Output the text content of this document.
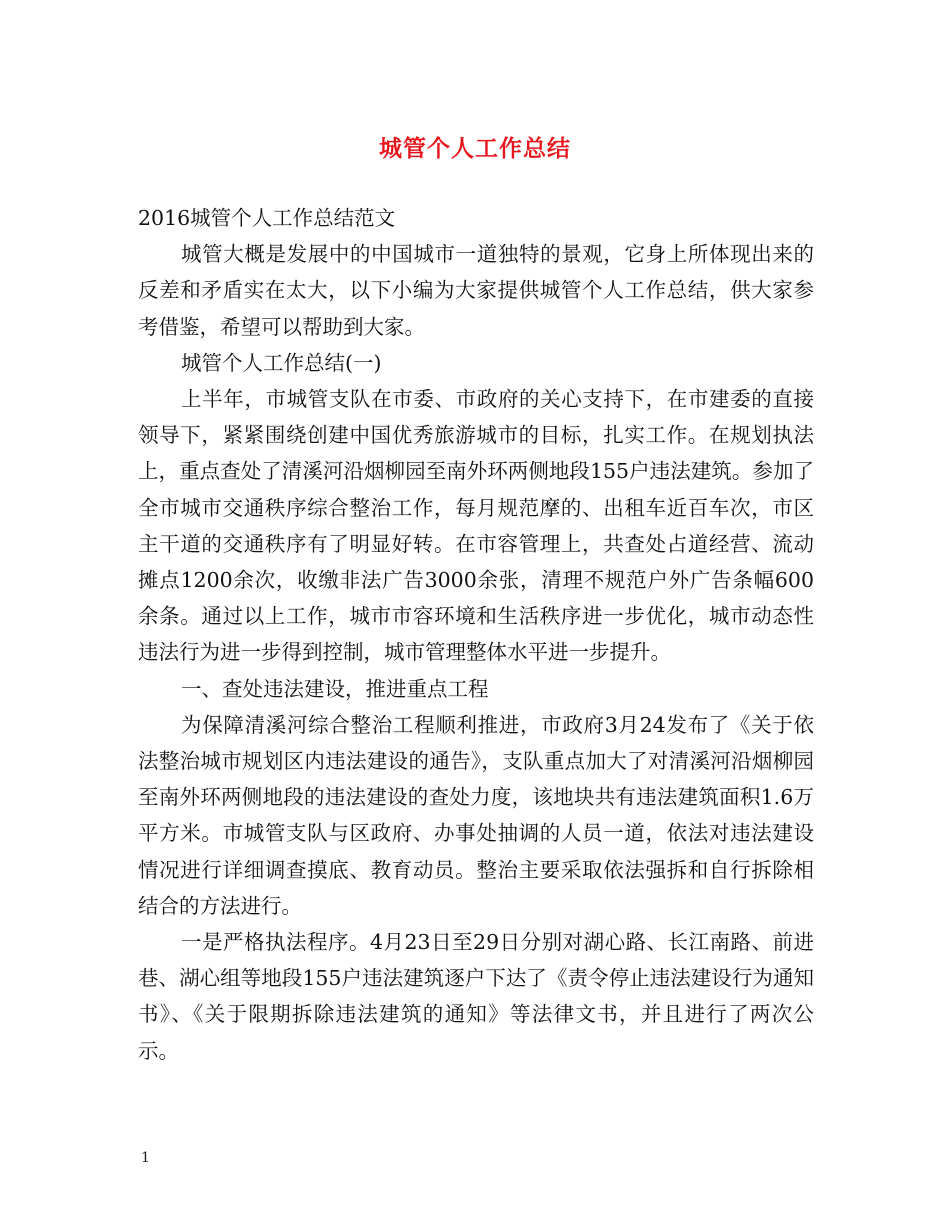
城管个人工作总结

2016城管个人工作总结范文

城管大概是发展中的中国城市一道独特的景观，它身上所体现出来的反差和矛盾实在太大，以下小编为大家提供城管个人工作总结，供大家参考借鉴，希望可以帮助到大家。

城管个人工作总结(一)

上半年，市城管支队在市委、市政府的关心支持下，在市建委的直接领导下，紧紧围绕创建中国优秀旅游城市的目标，扎实工作。在规划执法上，重点查处了清溪河沿烟柳园至南外环两侧地段155户违法建筑。参加了全市城市交通秩序综合整治工作，每月规范摩的、出租车近百车次，市区主干道的交通秩序有了明显好转。在市容管理上，共查处占道经营、流动摊点1200余次，收缴非法广告3000余张，清理不规范户外广告条幅600余条。通过以上工作，城市市容环境和生活秩序进一步优化，城市动态性违法行为进一步得到控制，城市管理整体水平进一步提升。

一、查处违法建设，推进重点工程

为保障清溪河综合整治工程顺利推进，市政府3月24发布了《关于依法整治城市规划区内违法建设的通告》，支队重点加大了对清溪河沿烟柳园至南外环两侧地段的违法建设的查处力度，该地块共有违法建筑面积1.6万平方米。市城管支队与区政府、办事处抽调的人员一道，依法对违法建设情况进行详细调查摸底、教育动员。整治主要采取依法强拆和自行拆除相结合的方法进行。

一是严格执法程序。4月23日至29日分别对湖心路、长江南路、前进巷、湖心组等地段155户违法建筑逐户下达了《责令停止违法建设行为通知书》、《关于限期拆除违法建筑的通知》等法律文书，并且进行了两次公示。

1
